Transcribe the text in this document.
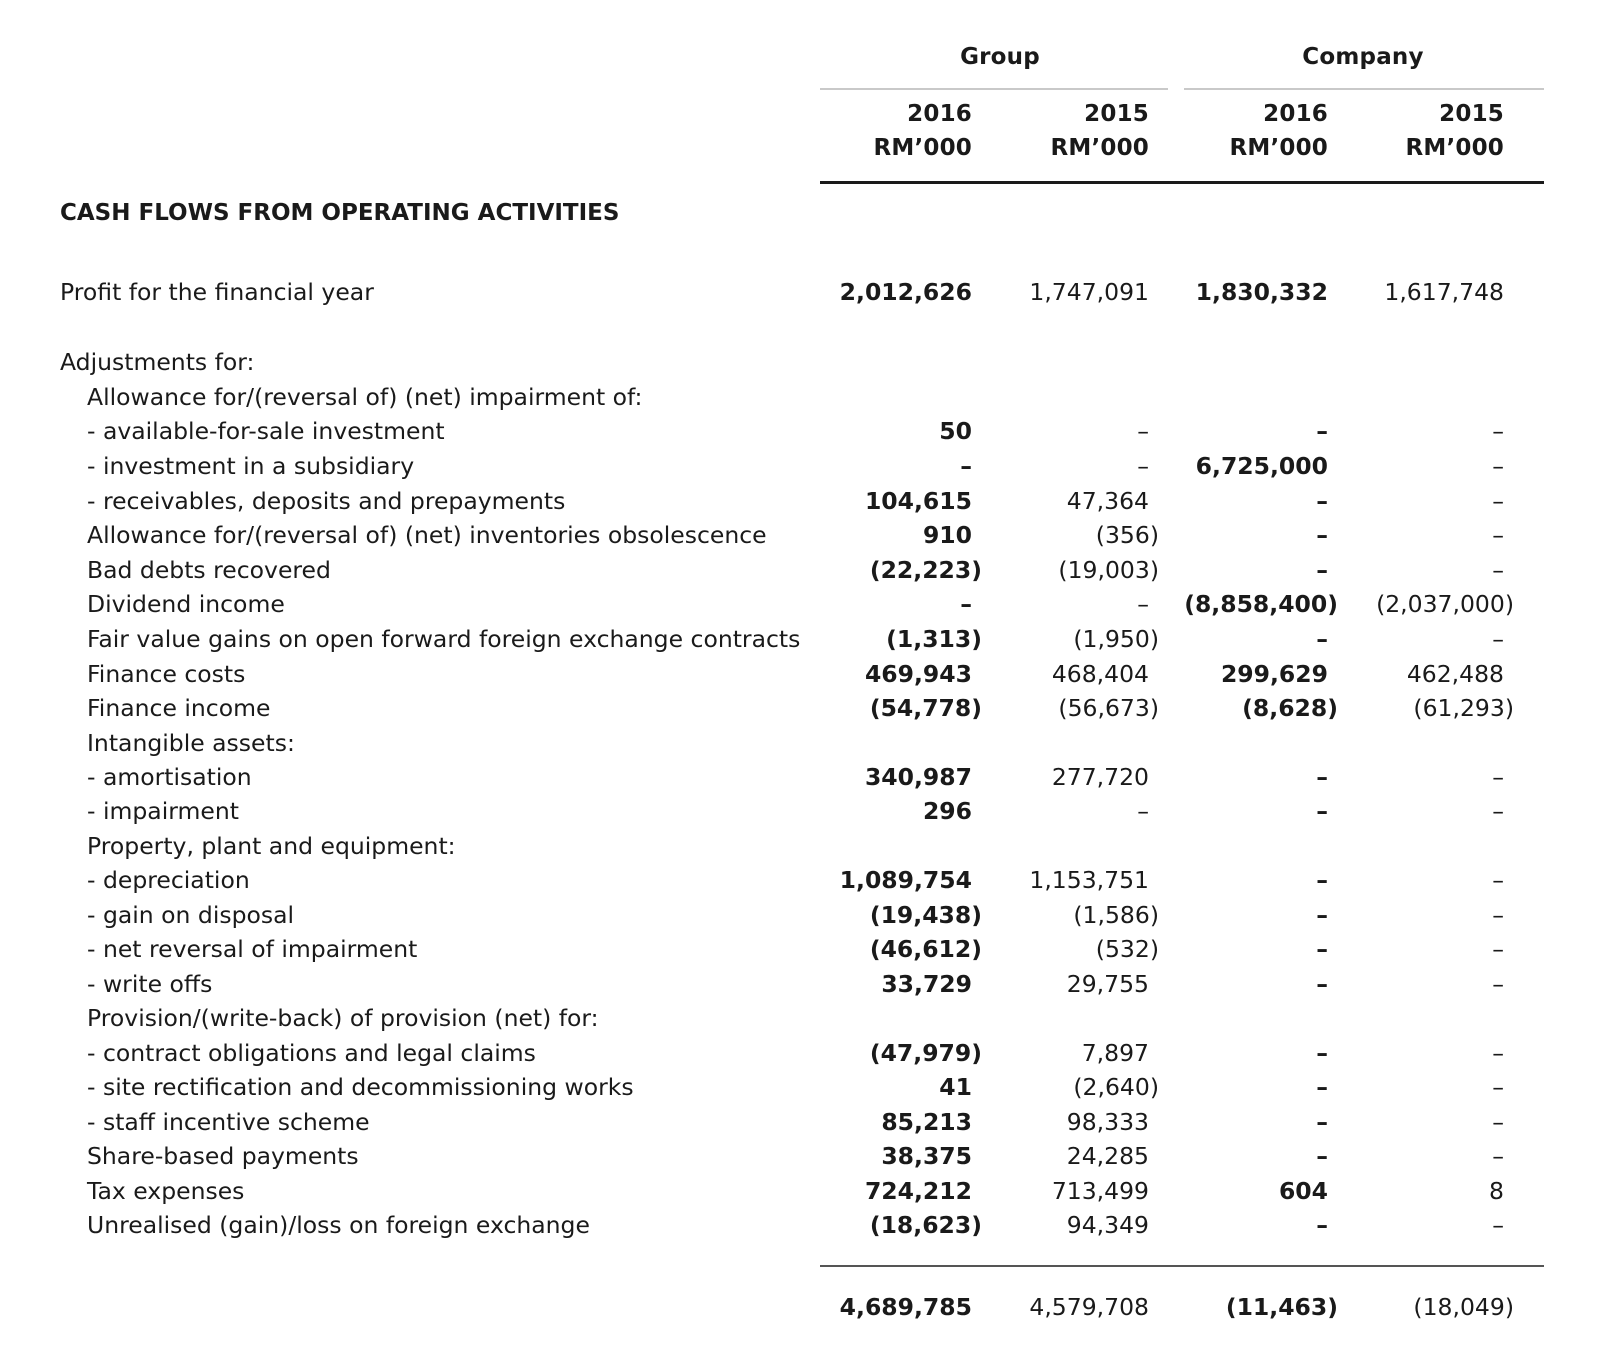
Group	Company
2016
RM’000
2015
RM’000
2016
RM’000
2015
RM’000
CASH FLOWS FROM OPERATING ACTIVITIES
Profit for the financial year	2,012,626 1,747,091 1,830,332 1,617,748
Adjustments for:
Allowance for/(reversal of) (net) impairment of:
- available-for-sale investment	50	–	–	–
- investment in a subsidiary	–	– 6,725,000	–
- receivables, deposits and prepayments	104,615	47,364	–	–
Allowance for/(reversal of) (net) inventories obsolescence	910	(356)	–	–
Bad debts recovered	(22,223)	(19,003)	–	–
Dividend income	–	– (8,858,400) (2,037,000)
Fair value gains on open forward foreign exchange contracts	(1,313)	(1,950)	–	–
Finance costs	469,943	468,404	299,629	462,488
Finance income	(54,778)	(56,673)	(8,628)	(61,293)
Intangible assets:
- amortisation	340,987	277,720	–	–
- impairment	296	–	–	–
Property, plant and equipment:
- depreciation	1,089,754 1,153,751	–	–
- gain on disposal	(19,438)	(1,586)	–	–
- net reversal of impairment	(46,612)	(532)	–	–
- write offs	33,729	29,755	–	–
Provision/(write-back) of provision (net) for:
- contract obligations and legal claims	(47,979)	7,897	–	–
- site rectification and decommissioning works	41	(2,640)	–	–
- staff incentive scheme	85,213	98,333	–	–
Share-based payments	38,375	24,285	–	–
Tax expenses	724,212	713,499	604	8
Unrealised (gain)/loss on foreign exchange	(18,623)	94,349	–	–
4,689,785 4,579,708	(11,463)	(18,049)
